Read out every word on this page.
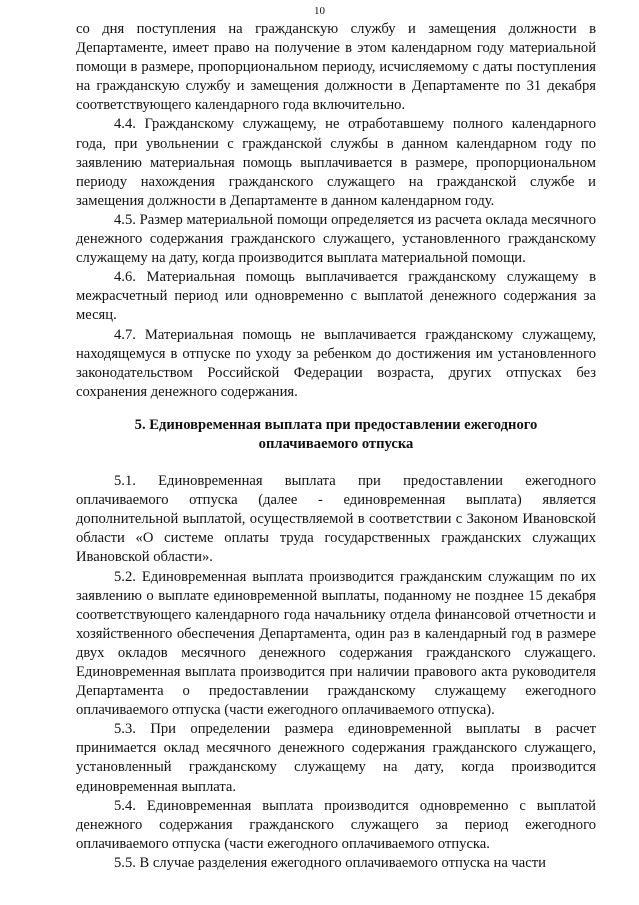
10

со дня поступления на гражданскую службу и замещения должности в Департаменте, имеет право на получение в этом календарном году материальной помощи в размере, пропорциональном периоду, исчисляемому с даты поступления на гражданскую службу и замещения должности в Департаменте по 31 декабря соответствующего календарного года включительно.

4.4. Гражданскому служащему, не отработавшему полного календарного года, при увольнении с гражданской службы в данном календарном году по заявлению материальная помощь выплачивается в размере, пропорциональном периоду нахождения гражданского служащего на гражданской службе и замещения должности в Департаменте в данном календарном году.

4.5. Размер материальной помощи определяется из расчета оклада месячного денежного содержания гражданского служащего, установленного гражданскому служащему на дату, когда производится выплата материальной помощи.

4.6. Материальная помощь выплачивается гражданскому служащему в межрасчетный период или одновременно с выплатой денежного содержания за месяц.

4.7. Материальная помощь не выплачивается гражданскому служащему, находящемуся в отпуске по уходу за ребенком до достижения им установленного законодательством Российской Федерации возраста, других отпусках без сохранения денежного содержания.

5. Единовременная выплата при предоставлении ежегодного
оплачиваемого отпуска

5.1. Единовременная выплата при предоставлении ежегодного оплачиваемого отпуска (далее - единовременная выплата) является дополнительной выплатой, осуществляемой в соответствии с Законом Ивановской области «О системе оплаты труда государственных гражданских служащих Ивановской области».

5.2. Единовременная выплата производится гражданским служащим по их заявлению о выплате единовременной выплаты, поданному не позднее 15 декабря соответствующего календарного года начальнику отдела финансовой отчетности и хозяйственного обеспечения Департамента, один раз в календарный год в размере двух окладов месячного денежного содержания гражданского служащего. Единовременная выплата производится при наличии правового акта руководителя Департамента о предоставлении гражданскому служащему ежегодного оплачиваемого отпуска (части ежегодного оплачиваемого отпуска).

5.3. При определении размера единовременной выплаты в расчет принимается оклад месячного денежного содержания гражданского служащего, установленный гражданскому служащему на дату, когда производится единовременная выплата.

5.4. Единовременная выплата производится одновременно с выплатой денежного содержания гражданского служащего за период ежегодного оплачиваемого отпуска (части ежегодного оплачиваемого отпуска.

5.5. В случае разделения ежегодного оплачиваемого отпуска на части
